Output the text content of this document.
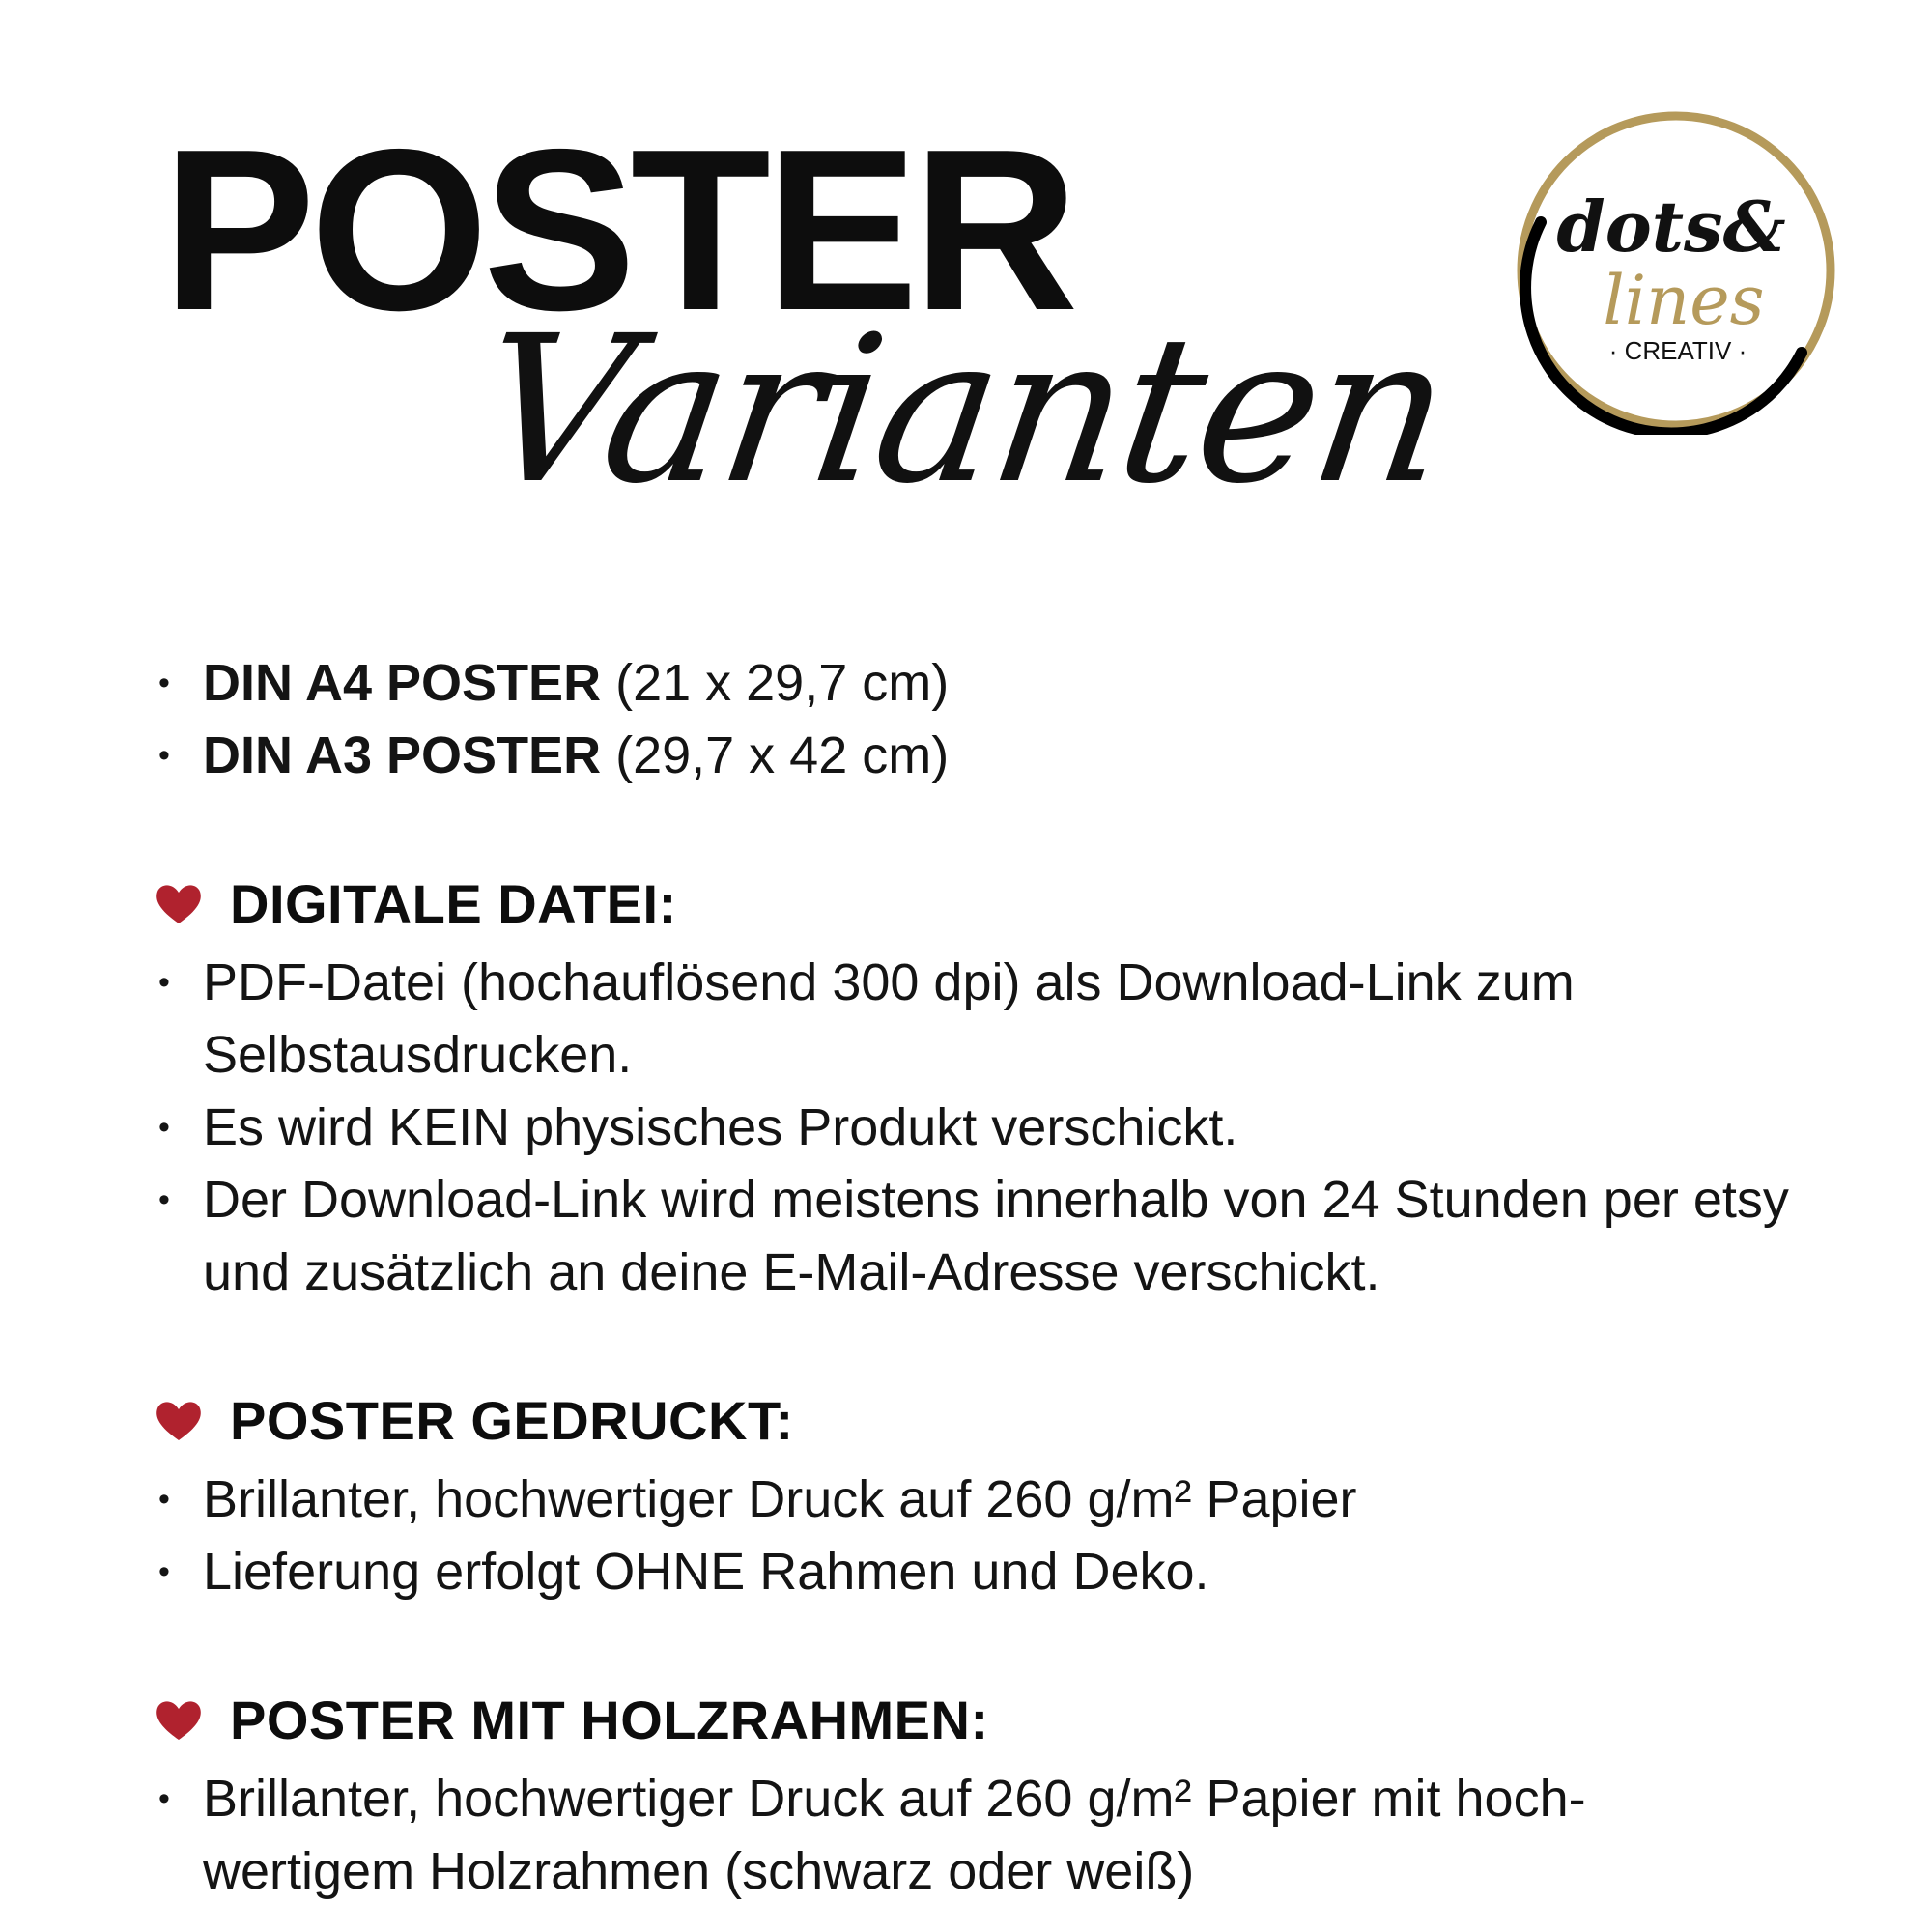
POSTER
Varianten
dots&
lines
· CREATIV ·
• DIN A4 POSTER (21 x 29,7 cm)
• DIN A3 POSTER (29,7 x 42 cm)
DIGITALE DATEI:
• PDF-Datei (hochauflösend 300 dpi) als Download-Link zum Selbstausdrucken.
• Es wird KEIN physisches Produkt verschickt.
• Der Download-Link wird meistens innerhalb von 24 Stunden per etsy und zusätzlich an deine E-Mail-Adresse verschickt.
POSTER GEDRUCKT:
• Brillanter, hochwertiger Druck auf 260 g/m² Papier
• Lieferung erfolgt OHNE Rahmen und Deko.
POSTER MIT HOLZRAHMEN:
• Brillanter, hochwertiger Druck auf 260 g/m² Papier mit hoch-wertigem Holzrahmen (schwarz oder weiß)
